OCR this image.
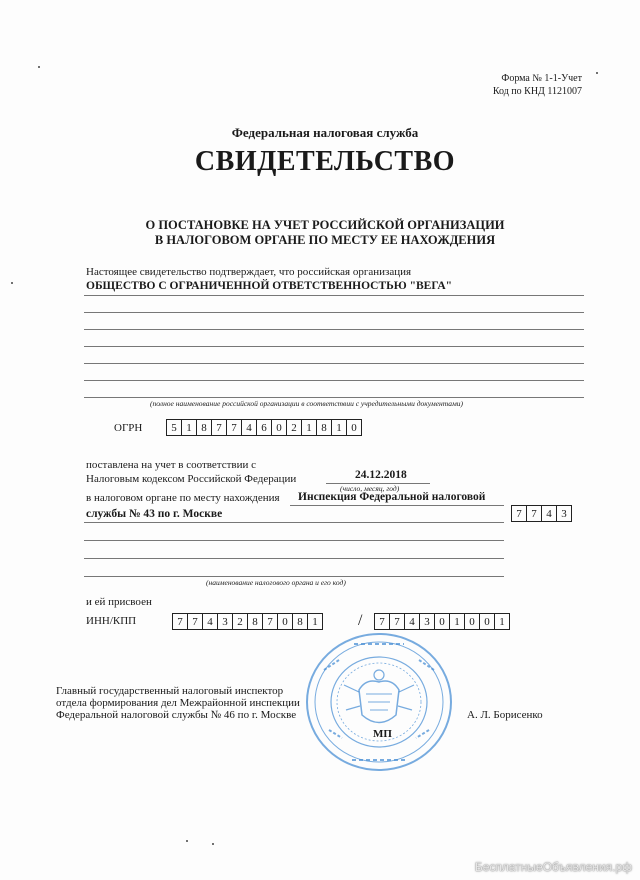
Форма № 1-1-Учет
Код по КНД 1121007
Федеральная налоговая служба
СВИДЕТЕЛЬСТВО
О ПОСТАНОВКЕ НА УЧЕТ РОССИЙСКОЙ ОРГАНИЗАЦИИ
В НАЛОГОВОМ ОРГАНЕ ПО МЕСТУ ЕЕ НАХОЖДЕНИЯ
Настоящее свидетельство подтверждает, что российская организация
ОБЩЕСТВО С ОГРАНИЧЕННОЙ ОТВЕТСТВЕННОСТЬЮ "ВЕГА"
(полное наименование российской организации в соответствии с учредительными документами)
ОГРН	5 1 8 7 7 4 6 0 2 1 8 1 0
поставлена на учет в соответствии с
Налоговым кодексом Российской Федерации	24.12.2018
(число, месяц, год)
в налоговом органе по месту нахождения Инспекция Федеральной налоговой
службы № 43 по г. Москве	7 7 4 3
(наименование налогового органа и его код)
и ей присвоен
ИНН/КПП	7 7 4 3 2 8 7 0 8 1	/	7 7 4 3 0 1 0 0 1
Главный государственный налоговый инспектор
отдела формирования дел Межрайонной инспекции
Федеральной налоговой службы № 46 по г. Москве	А. Л. Борисенко
МП
БесплатныеОбъявления.рф
